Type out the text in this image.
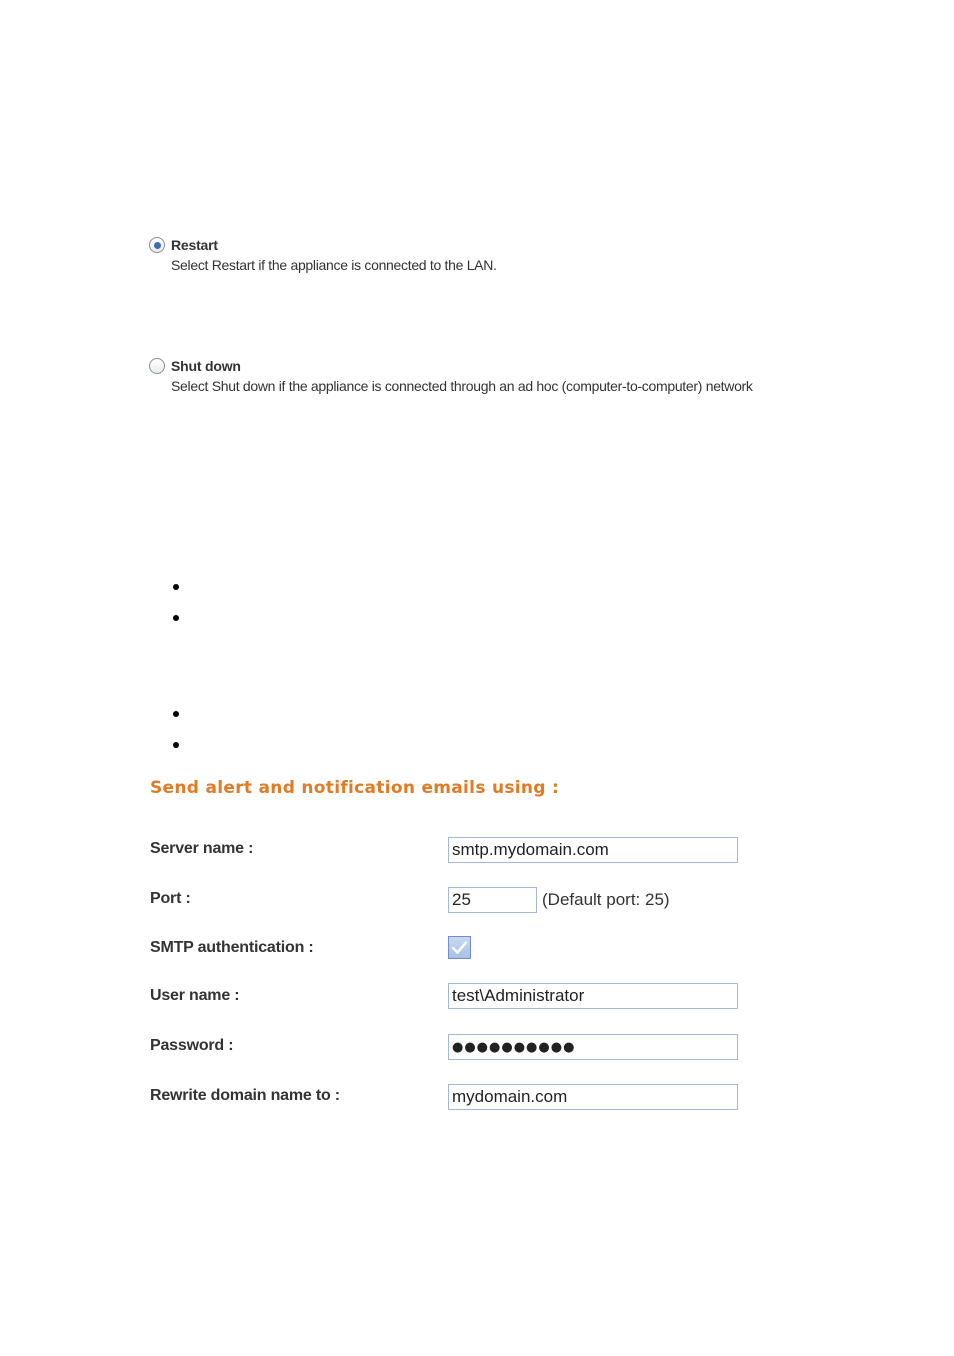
Restart
Select Restart if the appliance is connected to the LAN.
Shut down
Select Shut down if the appliance is connected through an ad hoc (computer-to-computer) network
Send alert and notification emails using :
Server name :
smtp.mydomain.com
Port :
25	(Default port: 25)
SMTP authentication :
User name :
test\Administrator
Password :
●●●●●●●●●●
Rewrite domain name to :
mydomain.com
